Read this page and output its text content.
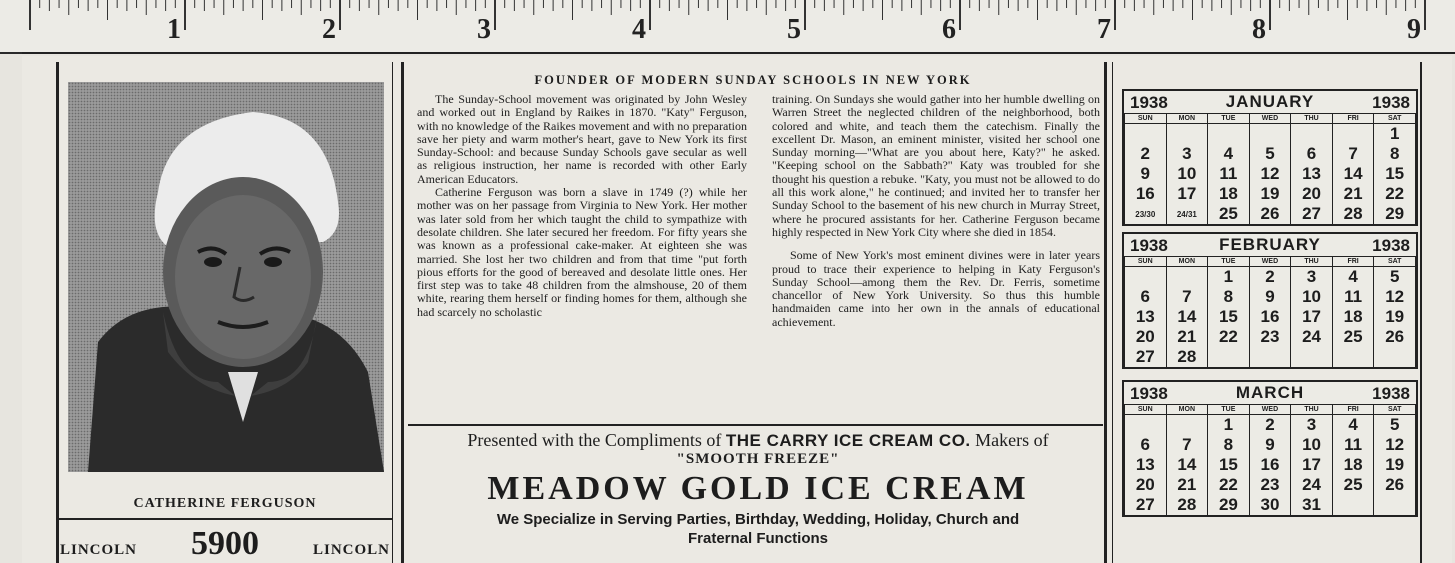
1	2	3	4	5	6	7	8	9
CATHERINE FERGUSON
LINCOLN 5900	LINCOLN
FOUNDER OF MODERN SUNDAY SCHOOLS IN NEW YORK

The Sunday-School movement was originated by John Wesley and worked out in England by Raikes in 1870. "Katy" Ferguson, with no knowledge of the Raikes movement and with no preparation save her piety and warm mother's heart, gave to New York its first Sunday-School: and because Sunday Schools gave secular as well as religious instruction, her name is recorded with other Early American Educators.

Catherine Ferguson was born a slave in 1749 (?) while her mother was on her passage from Virginia to New York. Her mother was later sold from her which taught the child to sympathize with desolate children. She later secured her freedom. For fifty years she was known as a professional cake-maker. At eighteen she was married. She lost her two children and from that time "put forth pious efforts for the good of bereaved and desolate little ones. Her first step was to take 48 children from the almshouse, 20 of them white, rearing them herself or finding homes for them, although she had scarcely no scholastic

training. On Sundays she would gather into her humble dwelling on Warren Street the neglected children of the neighborhood, both colored and white, and teach them the catechism. Finally the excellent Dr. Mason, an eminent minister, visited her school one Sunday morning—"What are you about here, Katy?" he asked. "Keeping school on the Sabbath?" Katy was troubled for she thought his question a rebuke. "Katy, you must not be allowed to do all this work alone," he continued; and invited her to transfer her Sunday School to the basement of his new church in Murray Street, where he procured assistants for her. Catherine Ferguson became highly respected in New York City where she died in 1854.

Some of New York's most eminent divines were in later years proud to trace their experience to helping in Katy Ferguson's Sunday School—among them the Rev. Dr. Ferris, sometime chancellor of New York University. So thus this humble handmaiden came into her own in the annals of educational achievement.

Presented with the Compliments of THE CARRY ICE CREAM CO. Makers of
"SMOOTH FREEZE"
MEADOW GOLD ICE CREAM
We Specialize in Serving Parties, Birthday, Wedding, Holiday, Church and
Fraternal Functions
1938	JANUARY	1938
SUN	MON	TUE	WED	THU	FRI	SAT
						1
2	3	4	5	6	7	8
9	10	11	12	13	14	15
16	17	18	19	20	21	22
23/30	24/31	25	26	27	28	29
1938	FEBRUARY	1938
SUN	MON	TUE	WED	THU	FRI	SAT
		1	2	3	4	5
6	7	8	9	10	11	12
13	14	15	16	17	18	19
20	21	22	23	24	25	26
27	28					
1938	MARCH	1938
SUN	MON	TUE	WED	THU	FRI	SAT
		1	2	3	4	5
6	7	8	9	10	11	12
13	14	15	16	17	18	19
20	21	22	23	24	25	26
27	28	29	30	31		
